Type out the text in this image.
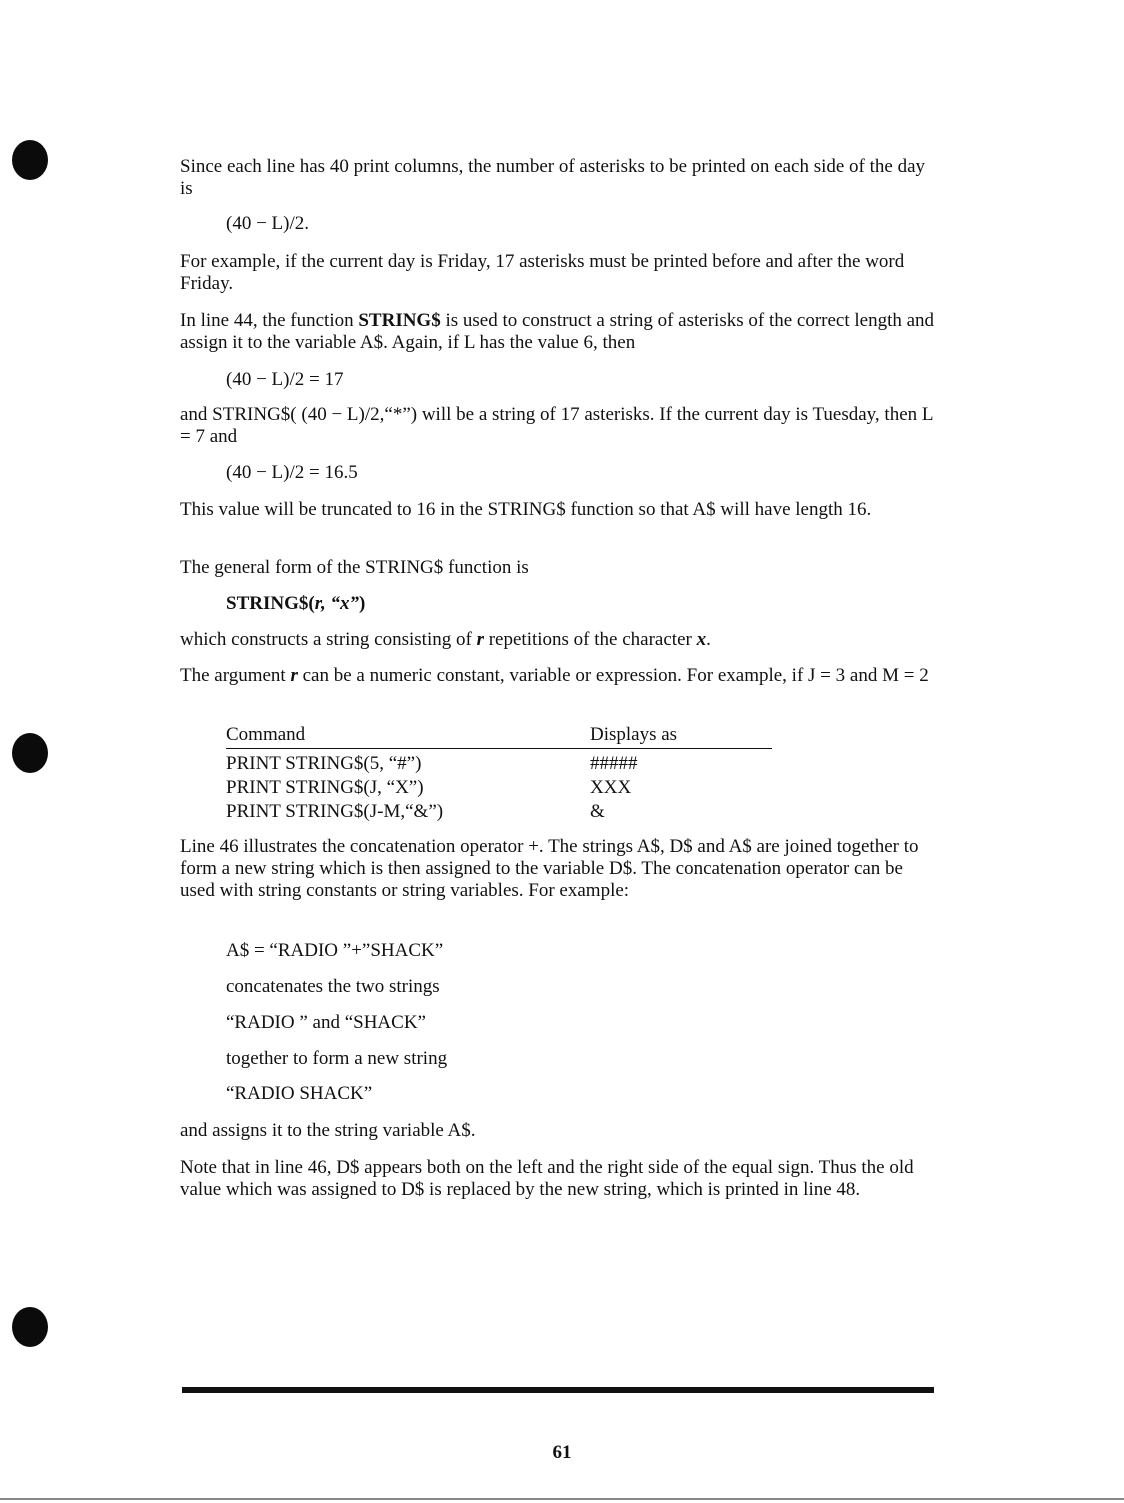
Since each line has 40 print columns, the number of asterisks to be printed on each side of the day is

(40 − L)/2.

For example, if the current day is Friday, 17 asterisks must be printed before and after the word Friday.

In line 44, the function STRING$ is used to construct a string of asterisks of the correct length and assign it to the variable A$. Again, if L has the value 6, then

(40 − L)/2 = 17

and STRING$( (40 − L)/2,“*”) will be a string of 17 asterisks. If the current day is Tuesday, then L = 7 and

(40 − L)/2 = 16.5

This value will be truncated to 16 in the STRING$ function so that A$ will have length 16.

The general form of the STRING$ function is

STRING$(r, “x”)

which constructs a string consisting of r repetitions of the character x.

The argument r can be a numeric constant, variable or expression. For example, if J = 3 and M = 2

Command	Displays as
PRINT STRING$(5, “#”)	#####
PRINT STRING$(J, “X”)	XXX
PRINT STRING$(J-M,“&”)	&

Line 46 illustrates the concatenation operator +. The strings A$, D$ and A$ are joined together to form a new string which is then assigned to the variable D$. The concatenation operator can be used with string constants or string variables. For example:

A$ = “RADIO ”+”SHACK”

concatenates the two strings

“RADIO ” and “SHACK”

together to form a new string

“RADIO SHACK”

and assigns it to the string variable A$.

Note that in line 46, D$ appears both on the left and the right side of the equal sign. Thus the old value which was assigned to D$ is replaced by the new string, which is printed in line 48.

61
